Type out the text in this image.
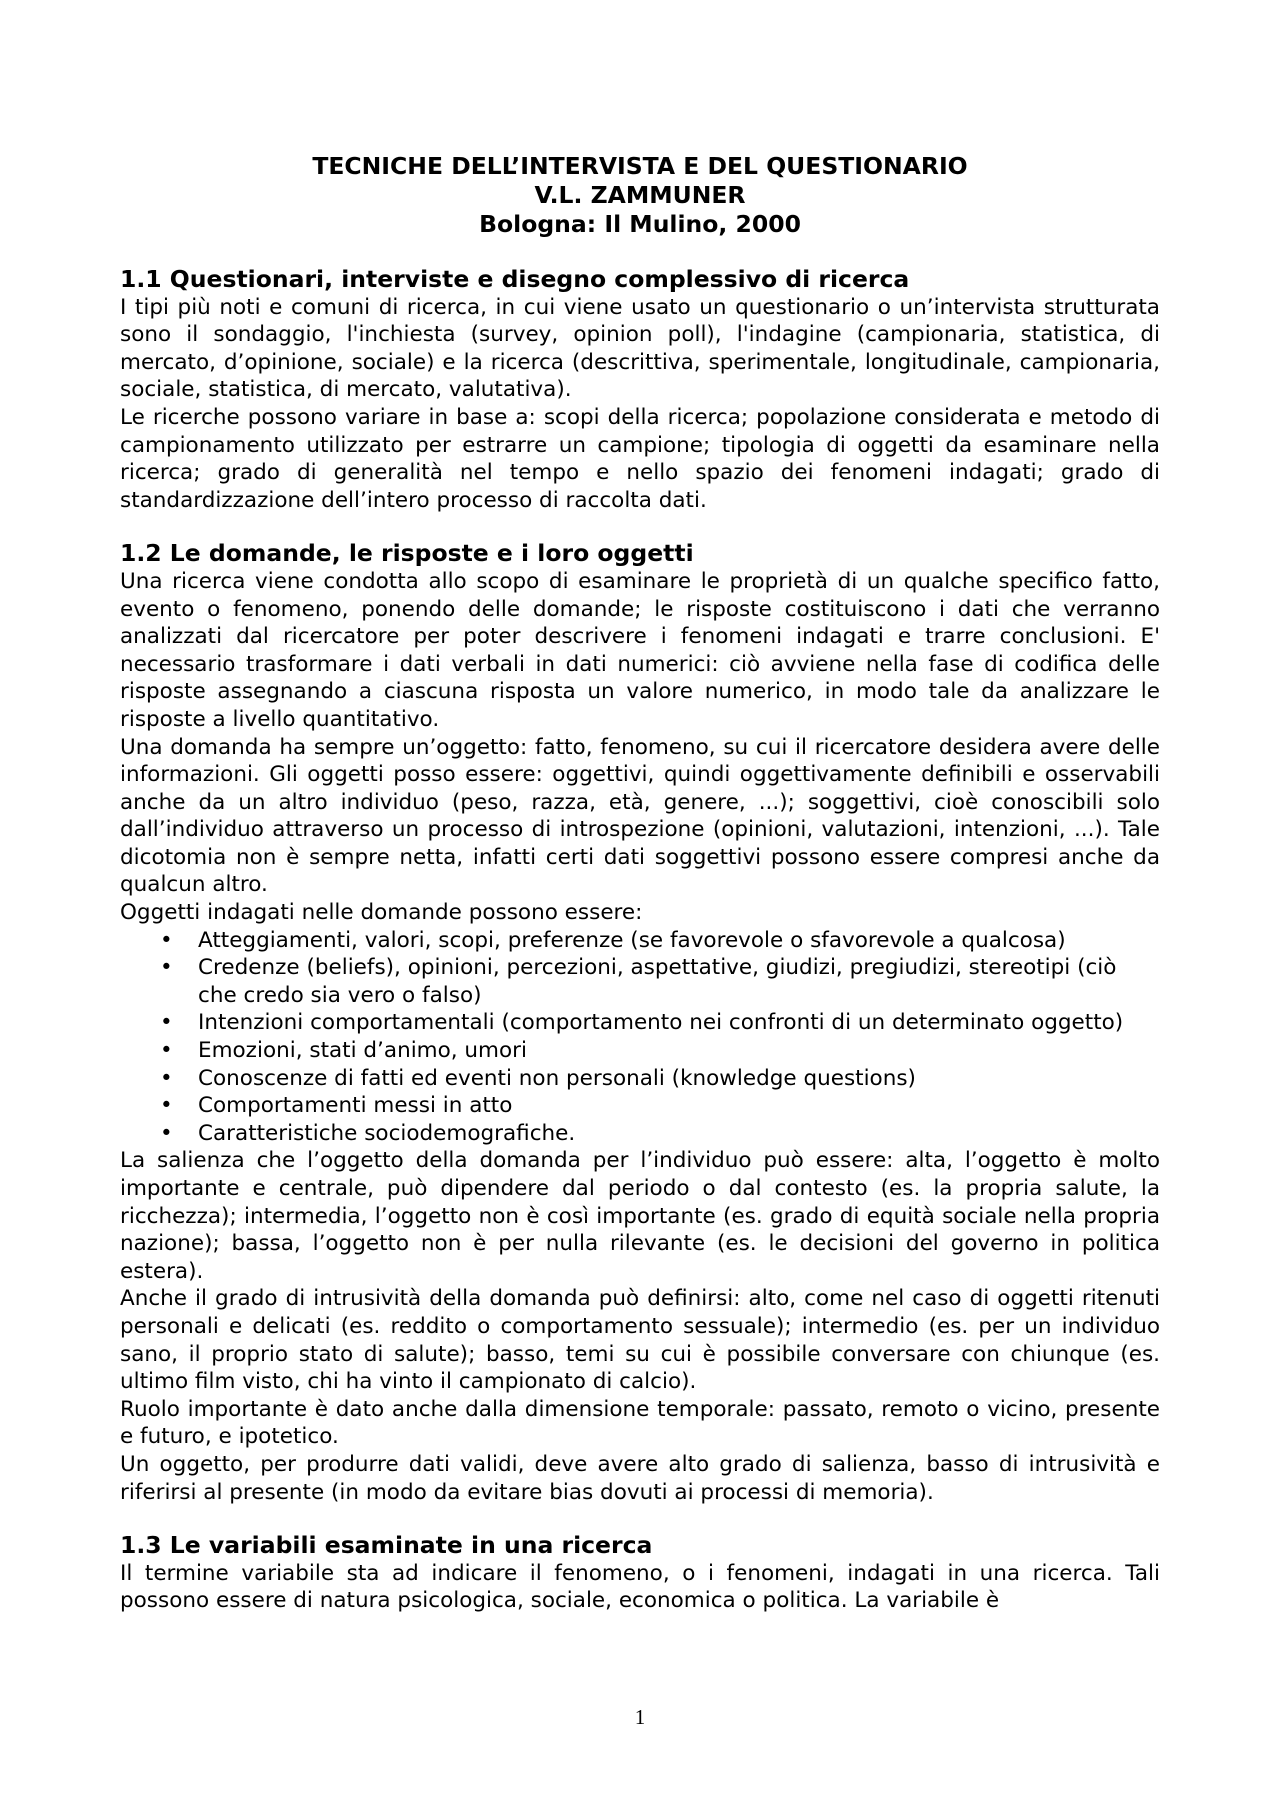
TECNICHE DELL’INTERVISTA E DEL QUESTIONARIO

V.L. ZAMMUNER

Bologna: Il Mulino, 2000

1.1 Questionari, interviste e disegno complessivo di ricerca

I tipi più noti e comuni di ricerca, in cui viene usato un questionario o un’intervista strutturata sono il sondaggio, l'inchiesta (survey, opinion poll), l'indagine (campionaria, statistica, di mercato, d’opinione, sociale) e la ricerca (descrittiva, sperimentale, longitudinale, campionaria, sociale, statistica, di mercato, valutativa).

Le ricerche possono variare in base a: scopi della ricerca; popolazione considerata e metodo di campionamento utilizzato per estrarre un campione; tipologia di oggetti da esaminare nella ricerca; grado di generalità nel tempo e nello spazio dei fenomeni indagati; grado di standardizzazione dell’intero processo di raccolta dati.

1.2 Le domande, le risposte e i loro oggetti

Una ricerca viene condotta allo scopo di esaminare le proprietà di un qualche specifico fatto, evento o fenomeno, ponendo delle domande; le risposte costituiscono i dati che verranno analizzati dal ricercatore per poter descrivere i fenomeni indagati e trarre conclusioni. E' necessario trasformare i dati verbali in dati numerici: ciò avviene nella fase di codifica delle risposte assegnando a ciascuna risposta un valore numerico, in modo tale da analizzare le risposte a livello quantitativo.

Una domanda ha sempre un’oggetto: fatto, fenomeno, su cui il ricercatore desidera avere delle informazioni. Gli oggetti posso essere: oggettivi, quindi oggettivamente definibili e osservabili anche da un altro individuo (peso, razza, età, genere, ...); soggettivi, cioè conoscibili solo dall’individuo attraverso un processo di introspezione (opinioni, valutazioni, intenzioni, ...). Tale dicotomia non è sempre netta, infatti certi dati soggettivi possono essere compresi anche da qualcun altro.

Oggetti indagati nelle domande possono essere:

• Atteggiamenti, valori, scopi, preferenze (se favorevole o sfavorevole a qualcosa)
• Credenze (beliefs), opinioni, percezioni, aspettative, giudizi, pregiudizi, stereotipi (ciò che credo sia vero o falso)
• Intenzioni comportamentali (comportamento nei confronti di un determinato oggetto)
• Emozioni, stati d’animo, umori
• Conoscenze di fatti ed eventi non personali (knowledge questions)
• Comportamenti messi in atto
• Caratteristiche sociodemografiche.

La salienza che l’oggetto della domanda per l’individuo può essere: alta, l’oggetto è molto importante e centrale, può dipendere dal periodo o dal contesto (es. la propria salute, la ricchezza); intermedia, l’oggetto non è così importante (es. grado di equità sociale nella propria nazione); bassa, l’oggetto non è per nulla rilevante (es. le decisioni del governo in politica estera).

Anche il grado di intrusività della domanda può definirsi: alto, come nel caso di oggetti ritenuti personali e delicati (es. reddito o comportamento sessuale); intermedio (es. per un individuo sano, il proprio stato di salute); basso, temi su cui è possibile conversare con chiunque (es. ultimo film visto, chi ha vinto il campionato di calcio).

Ruolo importante è dato anche dalla dimensione temporale: passato, remoto o vicino, presente e futuro, e ipotetico.

Un oggetto, per produrre dati validi, deve avere alto grado di salienza, basso di intrusività e riferirsi al presente (in modo da evitare bias dovuti ai processi di memoria).

1.3 Le variabili esaminate in una ricerca

Il termine variabile sta ad indicare il fenomeno, o i fenomeni, indagati in una ricerca. Tali possono essere di natura psicologica, sociale, economica o politica. La variabile è

1
